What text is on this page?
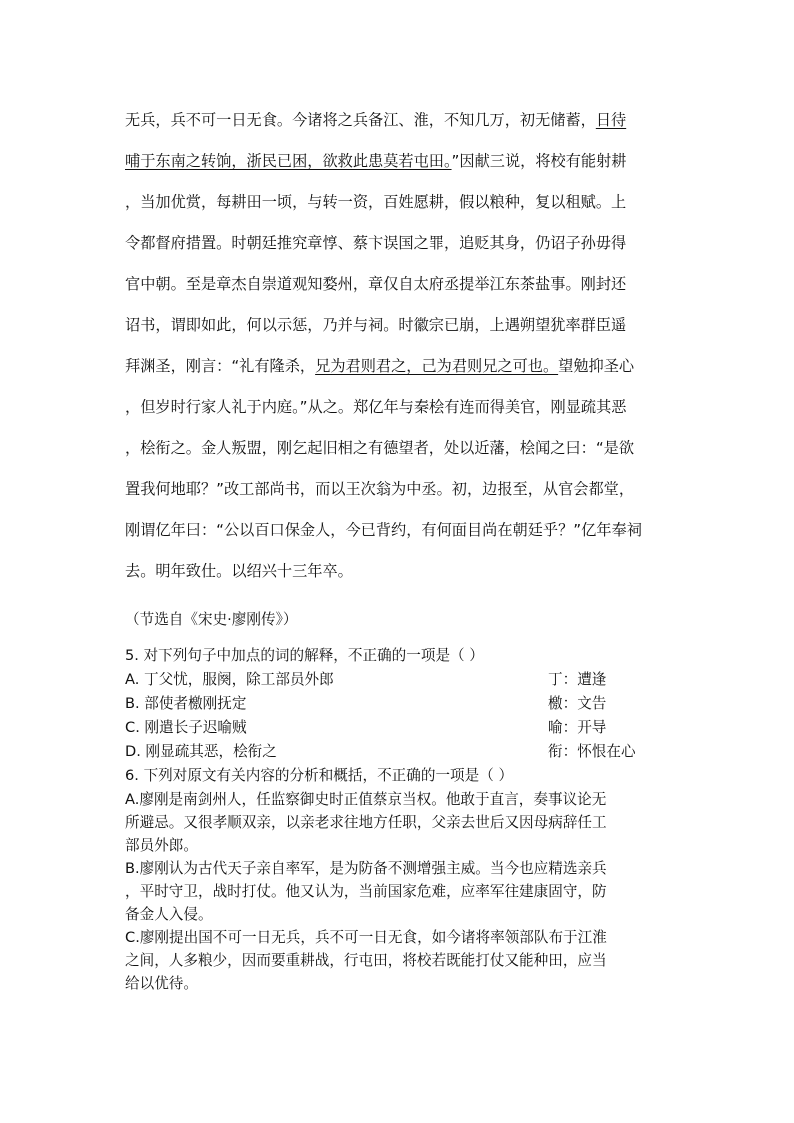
无兵，兵不可一日无食。今诸将之兵备江、淮，不知几万，初无储蓄，日待
哺于东南之转饷，浙民已困，欲救此患莫若屯田。”因献三说，将校有能射耕
，当加优赏，每耕田一顷，与转一资，百姓愿耕，假以粮种，复以租赋。上
令都督府措置。时朝廷推究章惇、蔡卞误国之罪，追贬其身，仍诏子孙毋得
官中朝。至是章杰自崇道观知婺州，章仅自太府丞提举江东茶盐事。刚封还
诏书，谓即如此，何以示惩，乃并与祠。时徽宗已崩，上遇朔望犹率群臣遥
拜渊圣，刚言：“礼有隆杀，兄为君则君之，己为君则兄之可也。望勉抑圣心
，但岁时行家人礼于内庭。”从之。郑亿年与秦桧有连而得美官，刚显疏其恶
，桧衔之。金人叛盟，刚乞起旧相之有德望者，处以近藩，桧闻之曰：“是欲
置我何地耶？”改工部尚书，而以王次翁为中丞。初，边报至，从官会都堂，
刚谓亿年曰：“公以百口保金人，今已背约，有何面目尚在朝廷乎？”亿年奉祠
去。明年致仕。以绍兴十三年卒。
（节选自《宋史·廖刚传》）
5. 对下列句子中加点的词的解释，不正确的一项是（ ）
A. 丁父忧，服阕，除工部员外郎	丁：遭逢
B. 部使者檄刚抚定	檄：文告
C. 刚遣长子迟喻贼	喻：开导
D. 刚显疏其恶，桧衔之	衔：怀恨在心
6. 下列对原文有关内容的分析和概括，不正确的一项是（ ）
A.廖刚是南剑州人，任监察御史时正值蔡京当权。他敢于直言，奏事议论无
所避忌。又很孝顺双亲，以亲老求往地方任职，父亲去世后又因母病辞任工
部员外郎。
B.廖刚认为古代天子亲自率军，是为防备不测增强主威。当今也应精选亲兵
，平时守卫，战时打仗。他又认为，当前国家危难，应率军往建康固守，防
备金人入侵。
C.廖刚提出国不可一日无兵，兵不可一日无食，如今诸将率领部队布于江淮
之间，人多粮少，因而要重耕战，行屯田，将校若既能打仗又能种田，应当
给以优待。
